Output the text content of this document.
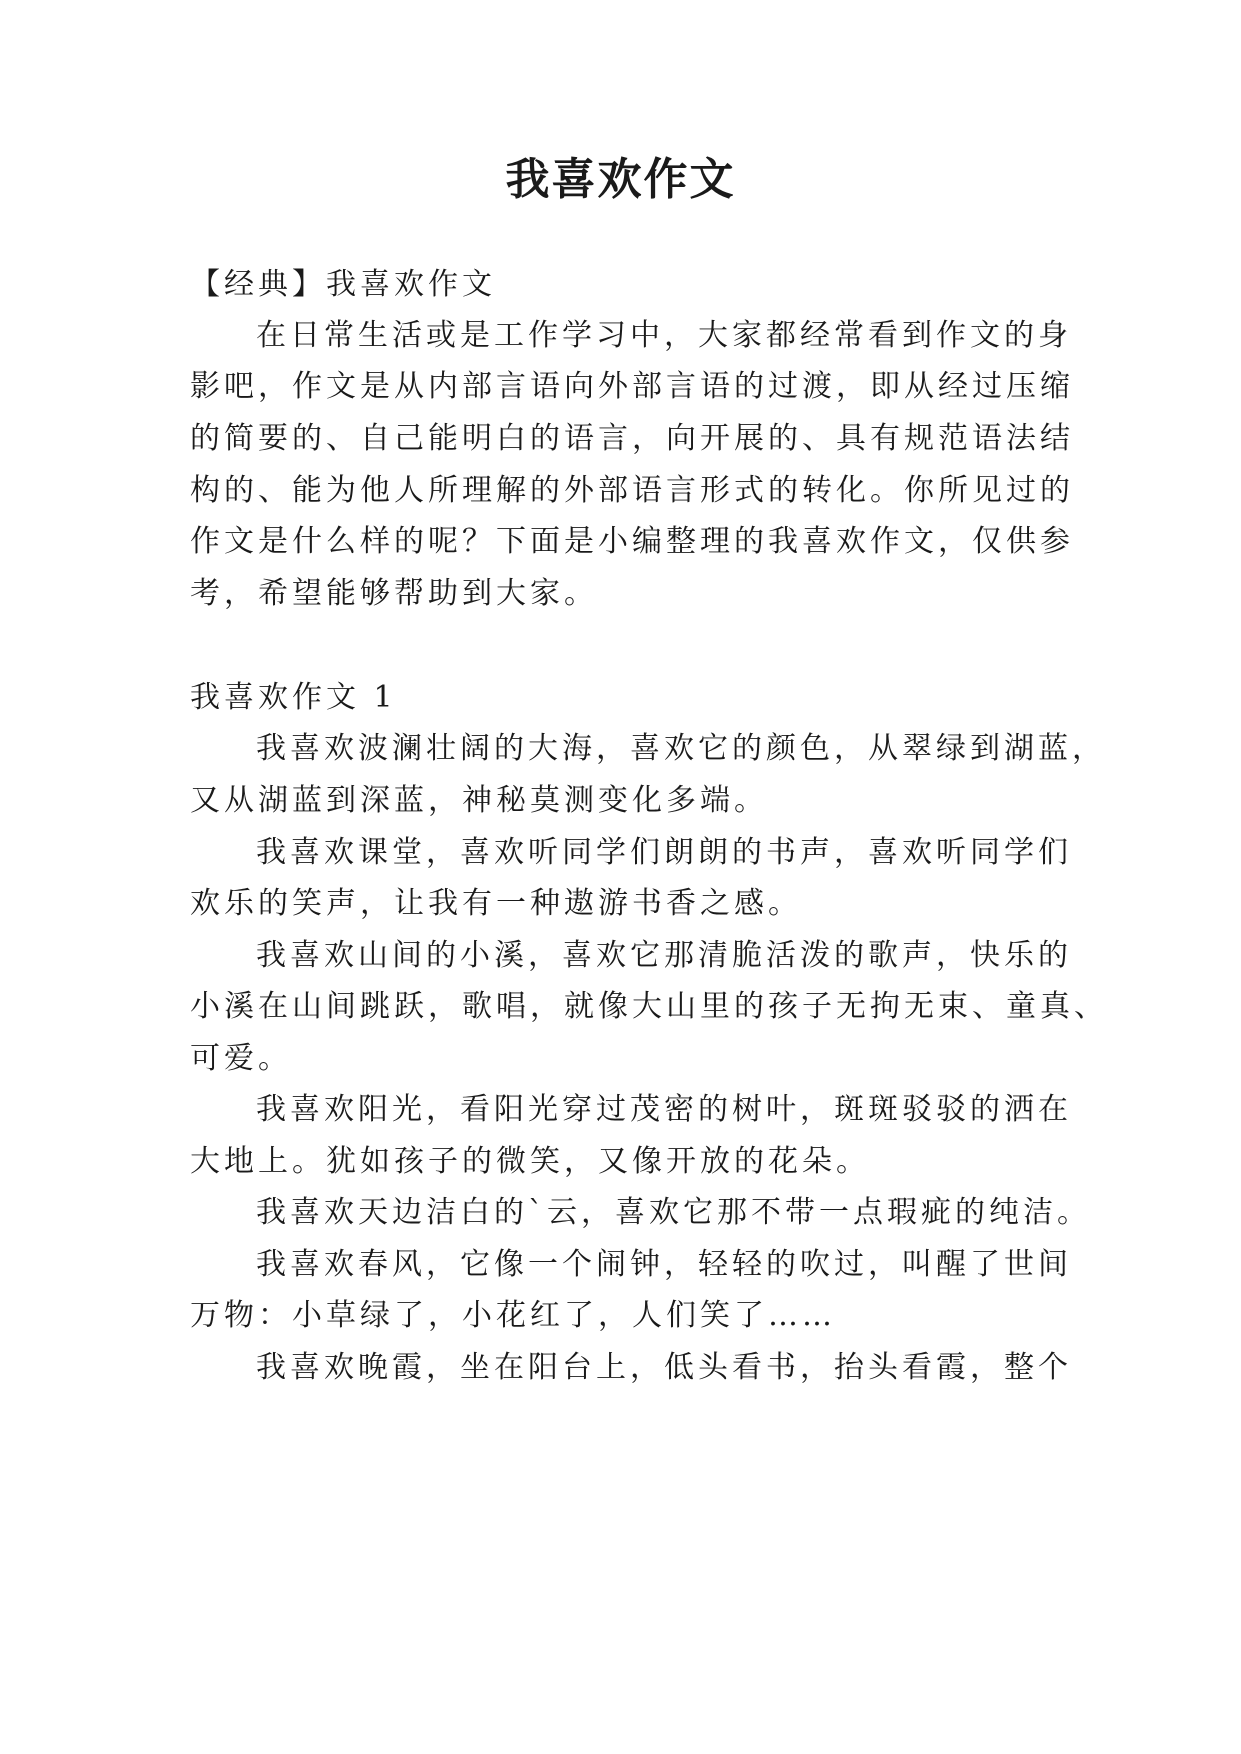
我喜欢作文

【经典】我喜欢作文

在日常生活或是工作学习中，大家都经常看到作文的身

影吧，作文是从内部言语向外部言语的过渡，即从经过压缩

的简要的、自己能明白的语言，向开展的、具有规范语法结

构的、能为他人所理解的外部语言形式的转化。你所见过的

作文是什么样的呢？下面是小编整理的我喜欢作文，仅供参

考，希望能够帮助到大家。

我喜欢作文 1

我喜欢波澜壮阔的大海，喜欢它的颜色，从翠绿到湖蓝，

又从湖蓝到深蓝，神秘莫测变化多端。

我喜欢课堂，喜欢听同学们朗朗的书声，喜欢听同学们

欢乐的笑声，让我有一种遨游书香之感。

我喜欢山间的小溪，喜欢它那清脆活泼的歌声，快乐的

小溪在山间跳跃，歌唱，就像大山里的孩子无拘无束、童真、

可爱。

我喜欢阳光，看阳光穿过茂密的树叶，斑斑驳驳的洒在

大地上。犹如孩子的微笑，又像开放的花朵。

我喜欢天边洁白的`云，喜欢它那不带一点瑕疵的纯洁。

我喜欢春风，它像一个闹钟，轻轻的吹过，叫醒了世间

万物：小草绿了，小花红了，人们笑了……

我喜欢晚霞，坐在阳台上，低头看书，抬头看霞，整个
